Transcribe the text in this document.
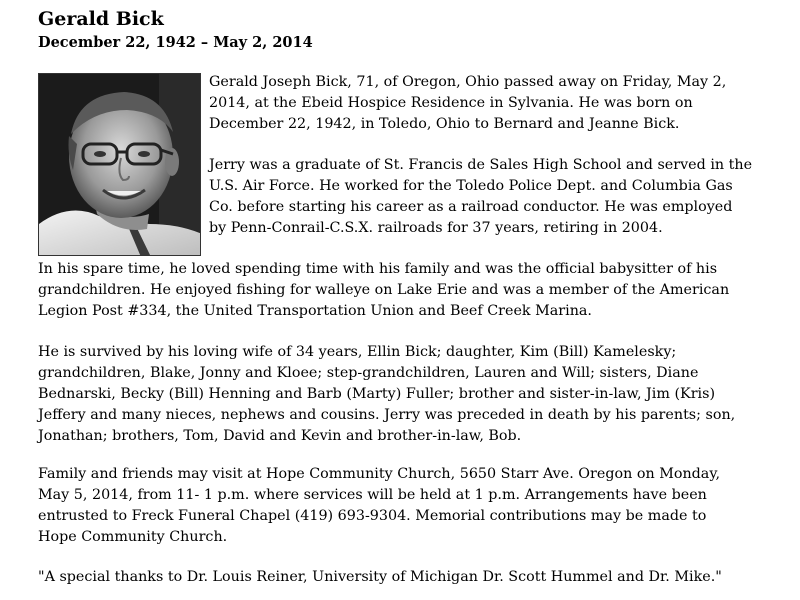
Gerald Bick
December 22, 1942 – May 2, 2014
Gerald Joseph Bick, 71, of Oregon, Ohio passed away on Friday, May 2,
2014, at the Ebeid Hospice Residence in Sylvania. He was born on
December 22, 1942, in Toledo, Ohio to Bernard and Jeanne Bick.
Jerry was a graduate of St. Francis de Sales High School and served in the
U.S. Air Force. He worked for the Toledo Police Dept. and Columbia Gas
Co. before starting his career as a railroad conductor. He was employed
by Penn-Conrail-C.S.X. railroads for 37 years, retiring in 2004.
In his spare time, he loved spending time with his family and was the official babysitter of his
grandchildren. He enjoyed fishing for walleye on Lake Erie and was a member of the American
Legion Post #334, the United Transportation Union and Beef Creek Marina.
He is survived by his loving wife of 34 years, Ellin Bick; daughter, Kim (Bill) Kamelesky;
grandchildren, Blake, Jonny and Kloee; step-grandchildren, Lauren and Will; sisters, Diane
Bednarski, Becky (Bill) Henning and Barb (Marty) Fuller; brother and sister-in-law, Jim (Kris)
Jeffery and many nieces, nephews and cousins. Jerry was preceded in death by his parents; son,
Jonathan; brothers, Tom, David and Kevin and brother-in-law, Bob.
Family and friends may visit at Hope Community Church, 5650 Starr Ave. Oregon on Monday,
May 5, 2014, from 11- 1 p.m. where services will be held at 1 p.m. Arrangements have been
entrusted to Freck Funeral Chapel (419) 693-9304. Memorial contributions may be made to
Hope Community Church.
"A special thanks to Dr. Louis Reiner, University of Michigan Dr. Scott Hummel and Dr. Mike."
